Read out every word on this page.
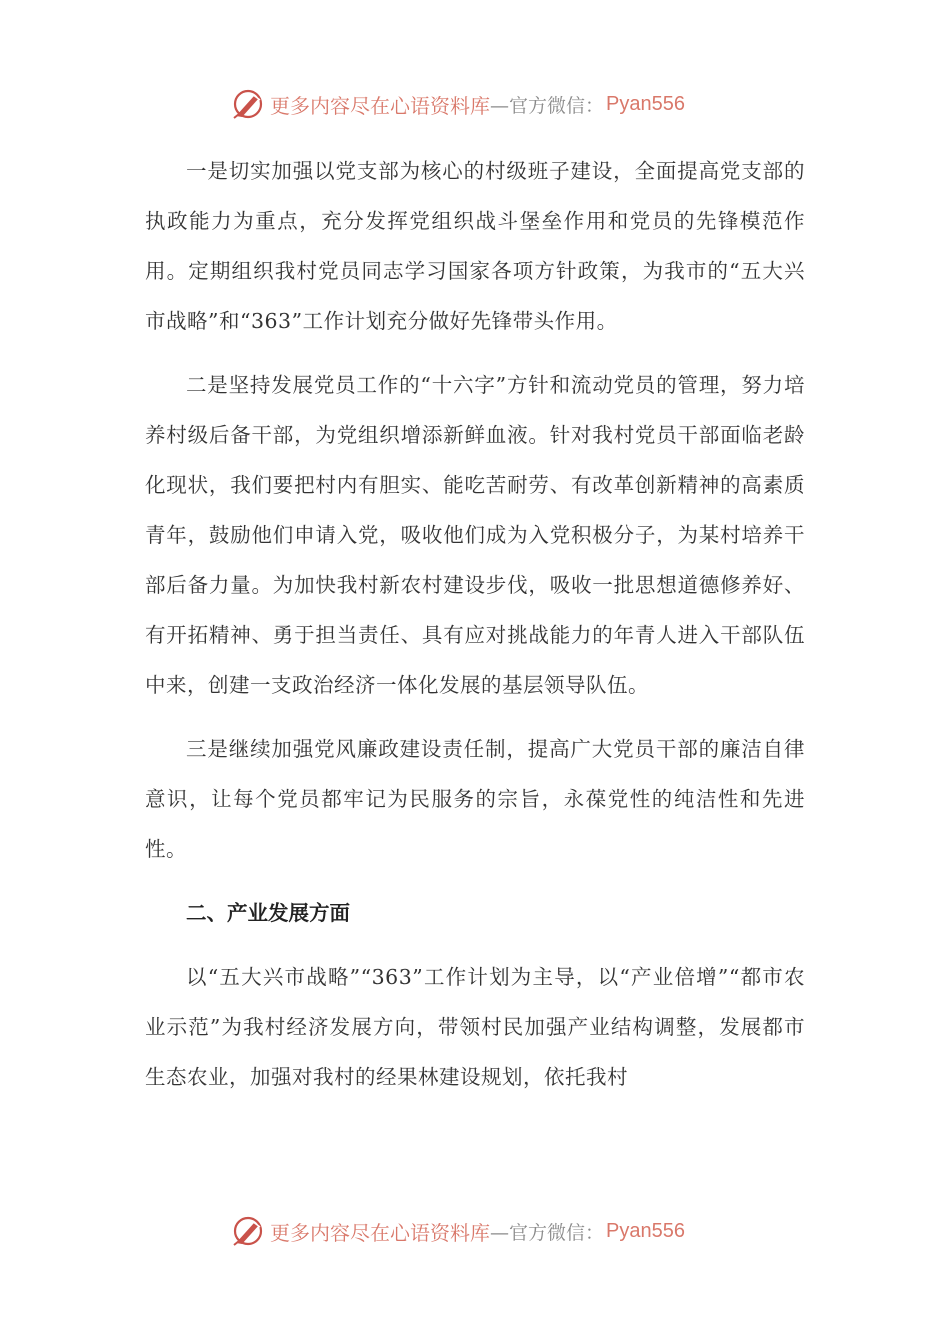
更多内容尽在心语资料库 —官方微信： Pyan556

一是切实加强以党支部为核心的村级班子建设，全面提高党支部的执政能力为重点，充分发挥党组织战斗堡垒作用和党员的先锋模范作用。定期组织我村党员同志学习国家各项方针政策，为我市的“五大兴市战略”和“363”工作计划充分做好先锋带头作用。

二是坚持发展党员工作的“十六字”方针和流动党员的管理，努力培养村级后备干部，为党组织增添新鲜血液。针对我村党员干部面临老龄化现状，我们要把村内有胆实、能吃苦耐劳、有改革创新精神的高素质青年，鼓励他们申请入党，吸收他们成为入党积极分子，为某村培养干部后备力量。为加快我村新农村建设步伐，吸收一批思想道德修养好、有开拓精神、勇于担当责任、具有应对挑战能力的年青人进入干部队伍中来，创建一支政治经济一体化发展的基层领导队伍。

三是继续加强党风廉政建设责任制，提高广大党员干部的廉洁自律意识，让每个党员都牢记为民服务的宗旨，永葆党性的纯洁性和先进性。

二、产业发展方面

以“五大兴市战略”“363”工作计划为主导，以“产业倍增”“都市农业示范”为我村经济发展方向，带领村民加强产业结构调整，发展都市生态农业，加强对我村的经果林建设规划，依托我村

更多内容尽在心语资料库 —官方微信： Pyan556
